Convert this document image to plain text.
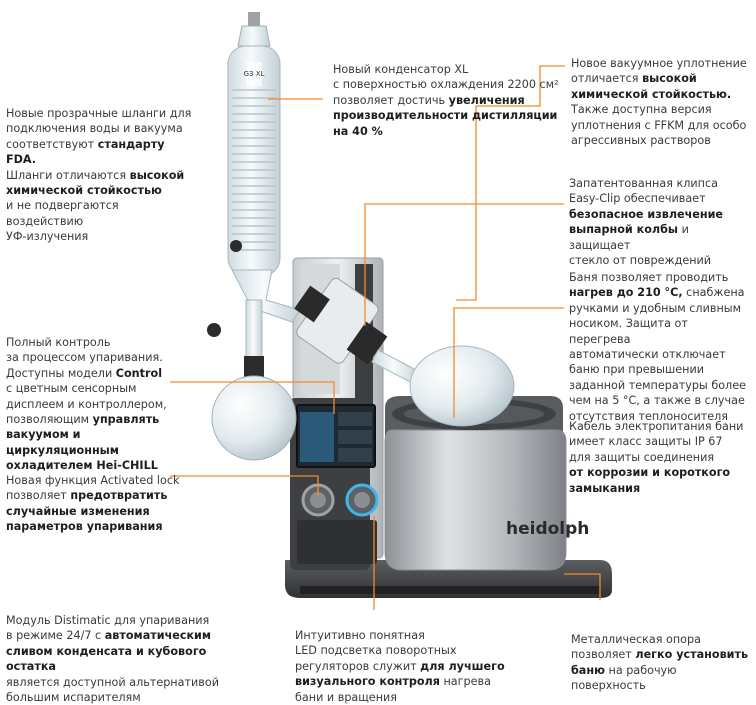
heidolph
G3 XL
Новые прозрачные шланги для
подключения воды и вакуума
соответствуют стандарту FDA.
Шланги отличаются высокой
химической стойкостью
и не подвергаются воздействию
УФ-излучения
Новый конденсатор XL
с поверхностью охлаждения 2200 см²
позволяет достичь увеличения
производительности дистилляции
на 40 %
Новое вакуумное уплотнение
отличается высокой
химической стойкостью.
Также доступна версия
уплотнения с FFKM для особо
агрессивных растворов
Запатентованная клипса
Easy-Clip обеспечивает
безопасное извлечение
выпарной колбы и защищает
стекло от повреждений
Баня позволяет проводить
нагрев до 210 °C, снабжена
ручками и удобным сливным
носиком. Защита от перегрева
автоматически отключает
баню при превышении
заданной температуры более
чем на 5 °C, а также в случае
отсутствия теплоносителя
Полный контроль
за процессом упаривания.
Доступны модели Control
с цветным сенсорным
дисплеем и контроллером,
позволяющим управлять
вакуумом и циркуляционным
охладителем Hei-CHILL
Кабель электропитания бани
имеет класс защиты IP 67
для защиты соединения
от коррозии и короткого
замыкания
Новая функция Activated lock
позволяет предотвратить
случайные изменения
параметров упаривания
Модуль Distimatic для упаривания
в режиме 24/7 с автоматическим
сливом конденсата и кубового остатка
является доступной альтернативой
большим испарителям
Интуитивно понятная
LED подсветка поворотных
регуляторов служит для лучшего
визуального контроля нагрева
бани и вращения
Металлическая опора
позволяет легко установить
баню на рабочую
поверхность
